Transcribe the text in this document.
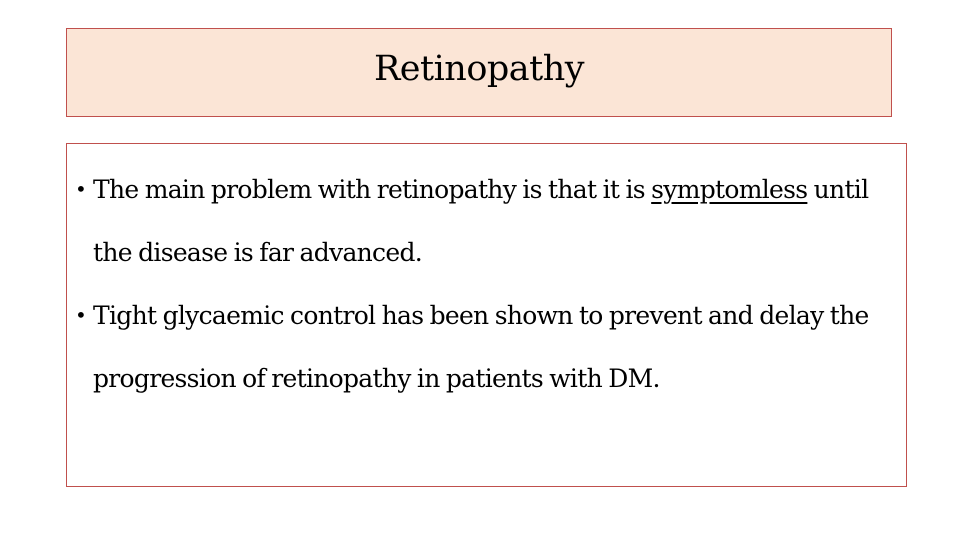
Retinopathy
• The main problem with retinopathy is that it is symptomless until the disease is far advanced.
• Tight glycaemic control has been shown to prevent and delay the progression of retinopathy in patients with DM.
